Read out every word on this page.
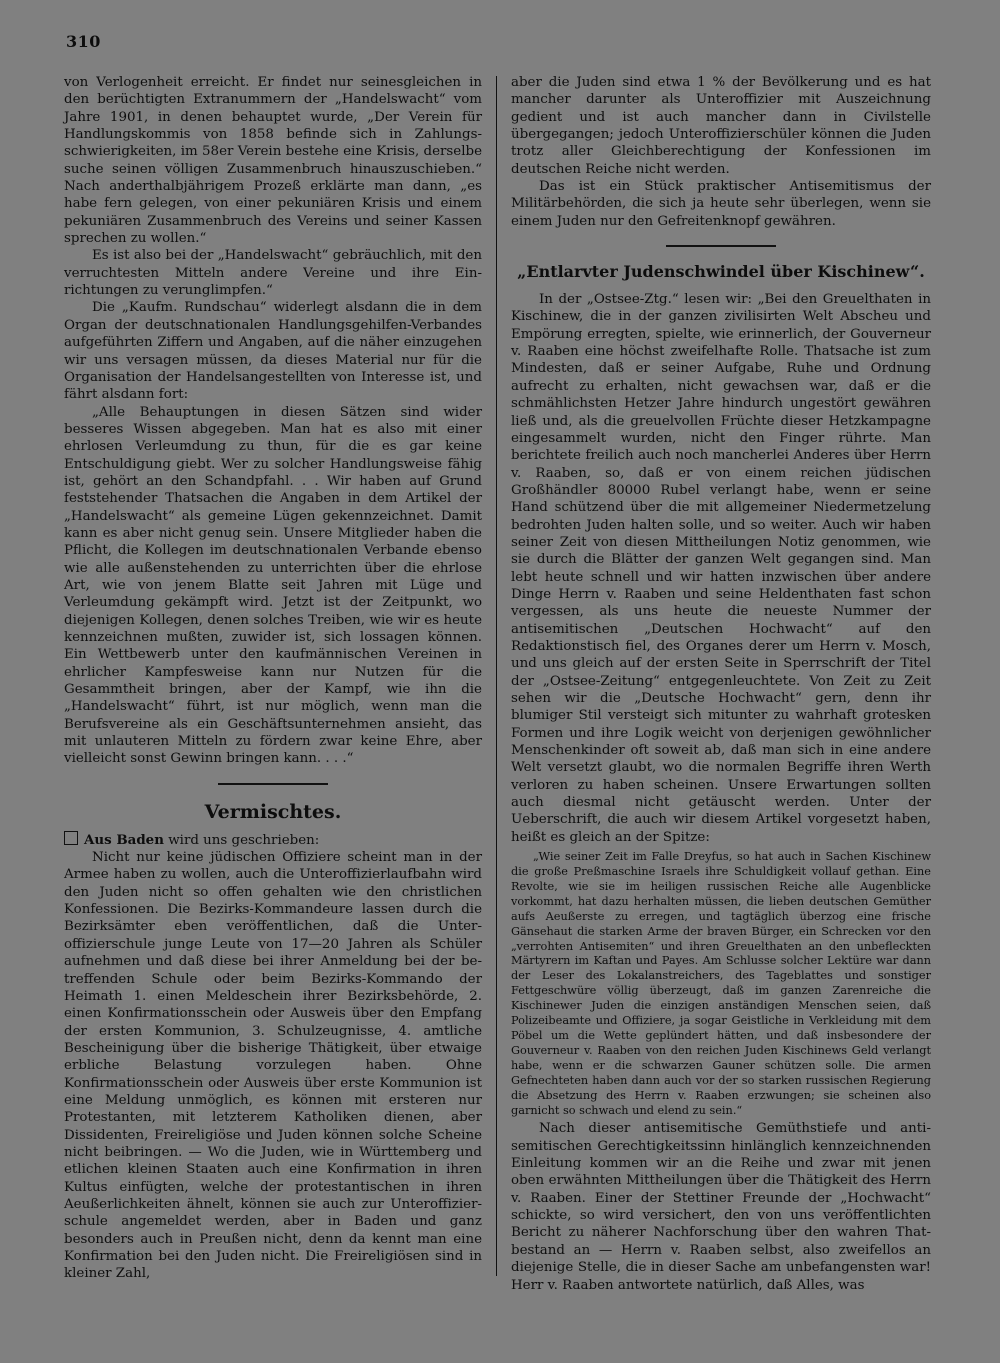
310

von Verlogenheit erreicht. Er findet nur seinesgleichen in den berüchtigten Extranummern der „Handelswacht“ vom Jahre 1901, in denen behauptet wurde, „Der Verein für Handlungskommis von 1858 befinde sich in Zahlungsschwierigkeiten, im 58er Verein bestehe eine Krisis, derselbe suche seinen völligen Zusammenbruch hinauszuschieben.“ Nach anderthalbjährigem Prozeß erklärte man dann, „es habe fern gelegen, von einer pekuniären Krisis und einem pekuniären Zusammenbruch des Vereins und seiner Kassen sprechen zu wollen.“

Es ist also bei der „Handelswacht“ gebräuchlich, mit den verruchtesten Mitteln andere Vereine und ihre Einrichtungen zu verunglimpfen.“

Die „Kaufm. Rundschau“ widerlegt alsdann die in dem Organ der deutschnationalen Handlungsgehilfen-Verbandes aufgeführten Ziffern und Angaben, auf die näher einzugehen wir uns versagen müssen, da dieses Material nur für die Organisation der Handelsangestellten von Interesse ist, und fährt alsdann fort:

„Alle Behauptungen in diesen Sätzen sind wider besseres Wissen abgegeben. Man hat es also mit einer ehrlosen Verleumdung zu thun, für die es gar keine Entschuldigung giebt. Wer zu solcher Handlungsweise fähig ist, gehört an den Schandpfahl. . . Wir haben auf Grund feststehender Thatsachen die Angaben in dem Artikel der „Handelswacht“ als gemeine Lügen gekennzeichnet. Damit kann es aber nicht genug sein. Unsere Mitglieder haben die Pflicht, die Kollegen im deutschnationalen Verbande ebenso wie alle außenstehenden zu unterrichten über die ehrlose Art, wie von jenem Blatte seit Jahren mit Lüge und Verleumdung gekämpft wird. Jetzt ist der Zeitpunkt, wo diejenigen Kollegen, denen solches Treiben, wie wir es heute kennzeichnen mußten, zuwider ist, sich lossagen können. Ein Wettbewerb unter den kaufmännischen Vereinen in ehrlicher Kampfesweise kann nur Nutzen für die Gesammtheit bringen, aber der Kampf, wie ihn die „Handelswacht“ führt, ist nur möglich, wenn man die Berufsvereine als ein Geschäftsunternehmen ansieht, das mit unlauteren Mitteln zu fördern zwar keine Ehre, aber vielleicht sonst Gewinn bringen kann. . . .“

Vermischtes.

Aus Baden wird uns geschrieben:

Nicht nur keine jüdischen Offiziere scheint man in der Armee haben zu wollen, auch die Unteroffizierlaufbahn wird den Juden nicht so offen gehalten wie den christlichen Konfessionen. Die Bezirks-Kommandeure lassen durch die Bezirksämter eben veröffentlichen, daß die Unteroffizierschule junge Leute von 17—20 Jahren als Schüler aufnehmen und daß diese bei ihrer Anmeldung bei der betreffenden Schule oder beim Bezirks-Kommando der Heimath 1. einen Meldeschein ihrer Bezirksbehörde, 2. einen Konfirmationsschein oder Ausweis über den Empfang der ersten Kommunion, 3. Schulzeugnisse, 4. amtliche Bescheinigung über die bisherige Thätigkeit, über etwaige erbliche Belastung vorzulegen haben. Ohne Konfirmationsschein oder Ausweis über erste Kommunion ist eine Meldung unmöglich, es können mit ersteren nur Protestanten, mit letzterem Katholiken dienen, aber Dissidenten, Freireligiöse und Juden können solche Scheine nicht beibringen. — Wo die Juden, wie in Württemberg und etlichen kleinen Staaten auch eine Konfirmation in ihren Kultus einfügten, welche der protestantischen in ihren Aeußerlichkeiten ähnelt, können sie auch zur Unteroffizierschule angemeldet werden, aber in Baden und ganz besonders auch in Preußen nicht, denn da kennt man eine Konfirmation bei den Juden nicht. Die Freireligiösen sind in kleiner Zahl,

aber die Juden sind etwa 1 % der Bevölkerung und es hat mancher darunter als Unteroffizier mit Auszeichnung gedient und ist auch mancher dann in Civilstelle übergegangen; jedoch Unteroffizierschüler können die Juden trotz aller Gleichberechtigung der Konfessionen im deutschen Reiche nicht werden.

Das ist ein Stück praktischer Antisemitismus der Militärbehörden, die sich ja heute sehr überlegen, wenn sie einem Juden nur den Gefreitenknopf gewähren.

„Entlarvter Judenschwindel über Kischinew“.

In der „Ostsee-Ztg.“ lesen wir: „Bei den Greuelthaten in Kischinew, die in der ganzen zivilisirten Welt Abscheu und Empörung erregten, spielte, wie erinnerlich, der Gouverneur v. Raaben eine höchst zweifelhafte Rolle. Thatsache ist zum Mindesten, daß er seiner Aufgabe, Ruhe und Ordnung aufrecht zu erhalten, nicht gewachsen war, daß er die schmählichsten Hetzer Jahre hindurch ungestört gewähren ließ und, als die greuelvollen Früchte dieser Hetzkampagne eingesammelt wurden, nicht den Finger rührte. Man berichtete freilich auch noch mancherlei Anderes über Herrn v. Raaben, so, daß er von einem reichen jüdischen Großhändler 80000 Rubel verlangt habe, wenn er seine Hand schützend über die mit allgemeiner Niedermetzelung bedrohten Juden halten solle, und so weiter. Auch wir haben seiner Zeit von diesen Mittheilungen Notiz genommen, wie sie durch die Blätter der ganzen Welt gegangen sind. Man lebt heute schnell und wir hatten inzwischen über andere Dinge Herrn v. Raaben und seine Heldenthaten fast schon vergessen, als uns heute die neueste Nummer der antisemitischen „Deutschen Hochwacht“ auf den Redaktionstisch fiel, des Organes derer um Herrn v. Mosch, und uns gleich auf der ersten Seite in Sperrschrift der Titel der „Ostsee-Zeitung“ entgegenleuchtete. Von Zeit zu Zeit sehen wir die „Deutsche Hochwacht“ gern, denn ihr blumiger Stil versteigt sich mitunter zu wahrhaft grotesken Formen und ihre Logik weicht von derjenigen gewöhnlicher Menschenkinder oft soweit ab, daß man sich in eine andere Welt versetzt glaubt, wo die normalen Begriffe ihren Werth verloren zu haben scheinen. Unsere Erwartungen sollten auch diesmal nicht getäuscht werden. Unter der Ueberschrift, die auch wir diesem Artikel vorgesetzt haben, heißt es gleich an der Spitze:

„Wie seiner Zeit im Falle Dreyfus, so hat auch in Sachen Kischinew die große Preßmaschine Israels ihre Schuldigkeit vollauf gethan. Eine Revolte, wie sie im heiligen russischen Reiche alle Augenblicke vorkommt, hat dazu herhalten müssen, die lieben deutschen Gemüther aufs Aeußerste zu erregen, und tagtäglich überzog eine frische Gänsehaut die starken Arme der braven Bürger, ein Schrecken vor den „verrohten Antisemiten“ und ihren Greuelthaten an den unbefleckten Märtyrern im Kaftan und Payes. Am Schlusse solcher Lektüre war dann der Leser des Lokalanstreichers, des Tageblattes und sonstiger Fettgeschwüre völlig überzeugt, daß im ganzen Zarenreiche die Kischinewer Juden die einzigen anständigen Menschen seien, daß Polizeibeamte und Offiziere, ja sogar Geistliche in Verkleidung mit dem Pöbel um die Wette geplündert hätten, und daß insbesondere der Gouverneur v. Raaben von den reichen Juden Kischinews Geld verlangt habe, wenn er die schwarzen Gauner schützen solle. Die armen Gefnechteten haben dann auch vor der so starken russischen Regierung die Absetzung des Herrn v. Raaben erzwungen; sie scheinen also garnicht so schwach und elend zu sein.“

Nach dieser antisemitische Gemüthstiefe und antisemitischen Gerechtigkeitssinn hinlänglich kennzeichnenden Einleitung kommen wir an die Reihe und zwar mit jenen oben erwähnten Mittheilungen über die Thätigkeit des Herrn v. Raaben. Einer der Stettiner Freunde der „Hochwacht“ schickte, so wird versichert, den von uns veröffentlichten Bericht zu näherer Nachforschung über den wahren Thatbestand an — Herrn v. Raaben selbst, also zweifellos an diejenige Stelle, die in dieser Sache am unbefangensten war! Herr v. Raaben antwortete natürlich, daß Alles, was
